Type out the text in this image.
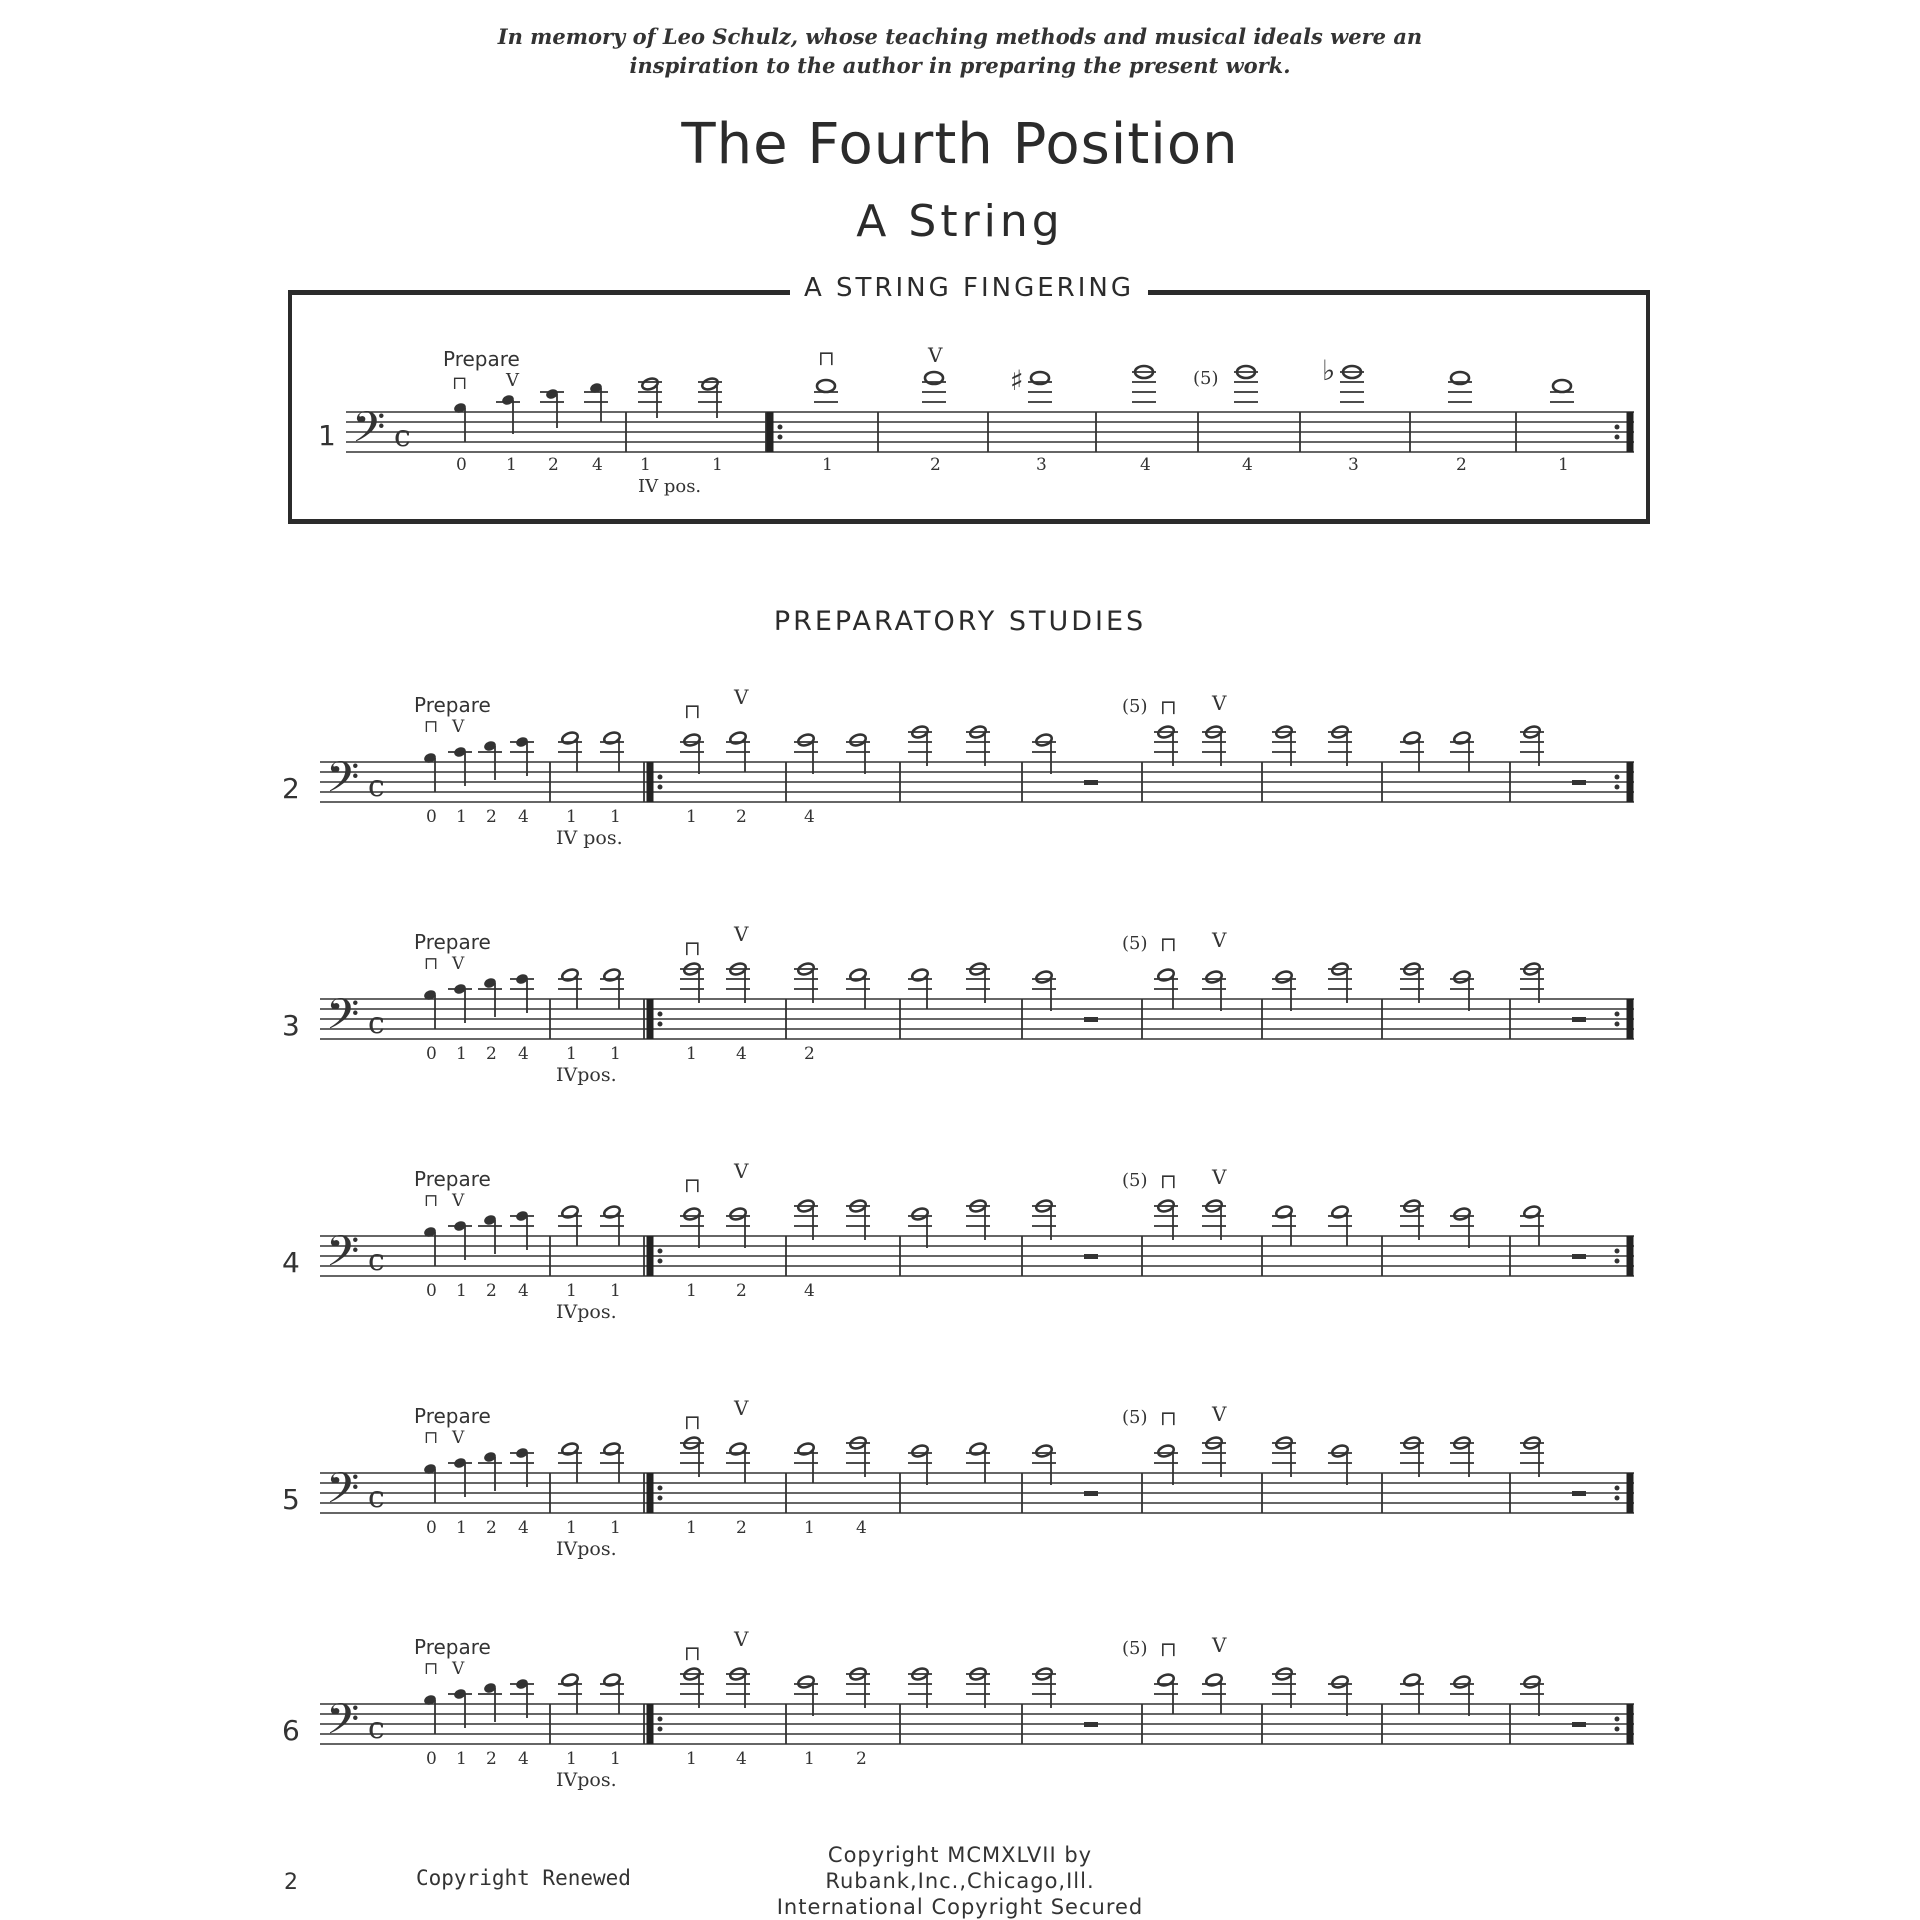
In memory of Leo Schulz, whose teaching methods and musical ideals were an
inspiration to the author in preparing the present work.
The Fourth Position
A String
A STRING FINGERING
1
Prepare
IV pos.
(5)
𝄢 c
⊓ V
⊓	V
♯	♭
0 1 2 4 1	1	1	2	3	4	4	3	2	1
PREPARATORY STUDIES
𝄢 c
2
Prepare
IV pos.
(5)
⊓ V
⊓
V	⊓ V
0 1 2 4 1 1	1 2	4
𝄢 c
3
Prepare
IVpos.
(5)
⊓ V
⊓
V	⊓ V
0 1 2 4 1 1	1 4	2
𝄢 c
4
Prepare
IVpos.
(5)
⊓ V
⊓
V	⊓ V
0 1 2 4 1 1	1 2	4
𝄢 c
5
Prepare
IVpos.
(5)
⊓ V
⊓
V	⊓ V
0 1 2 4 1 1	1 2	1 4
𝄢 c
6
Prepare
IVpos.
(5)
⊓ V
⊓
V	⊓ V
0 1 2 4 1 1	1 4	1 2
2	Copyright Renewed
Copyright MCMXLVII by Rubank,Inc.,Chicago,Ill.
International Copyright Secured
